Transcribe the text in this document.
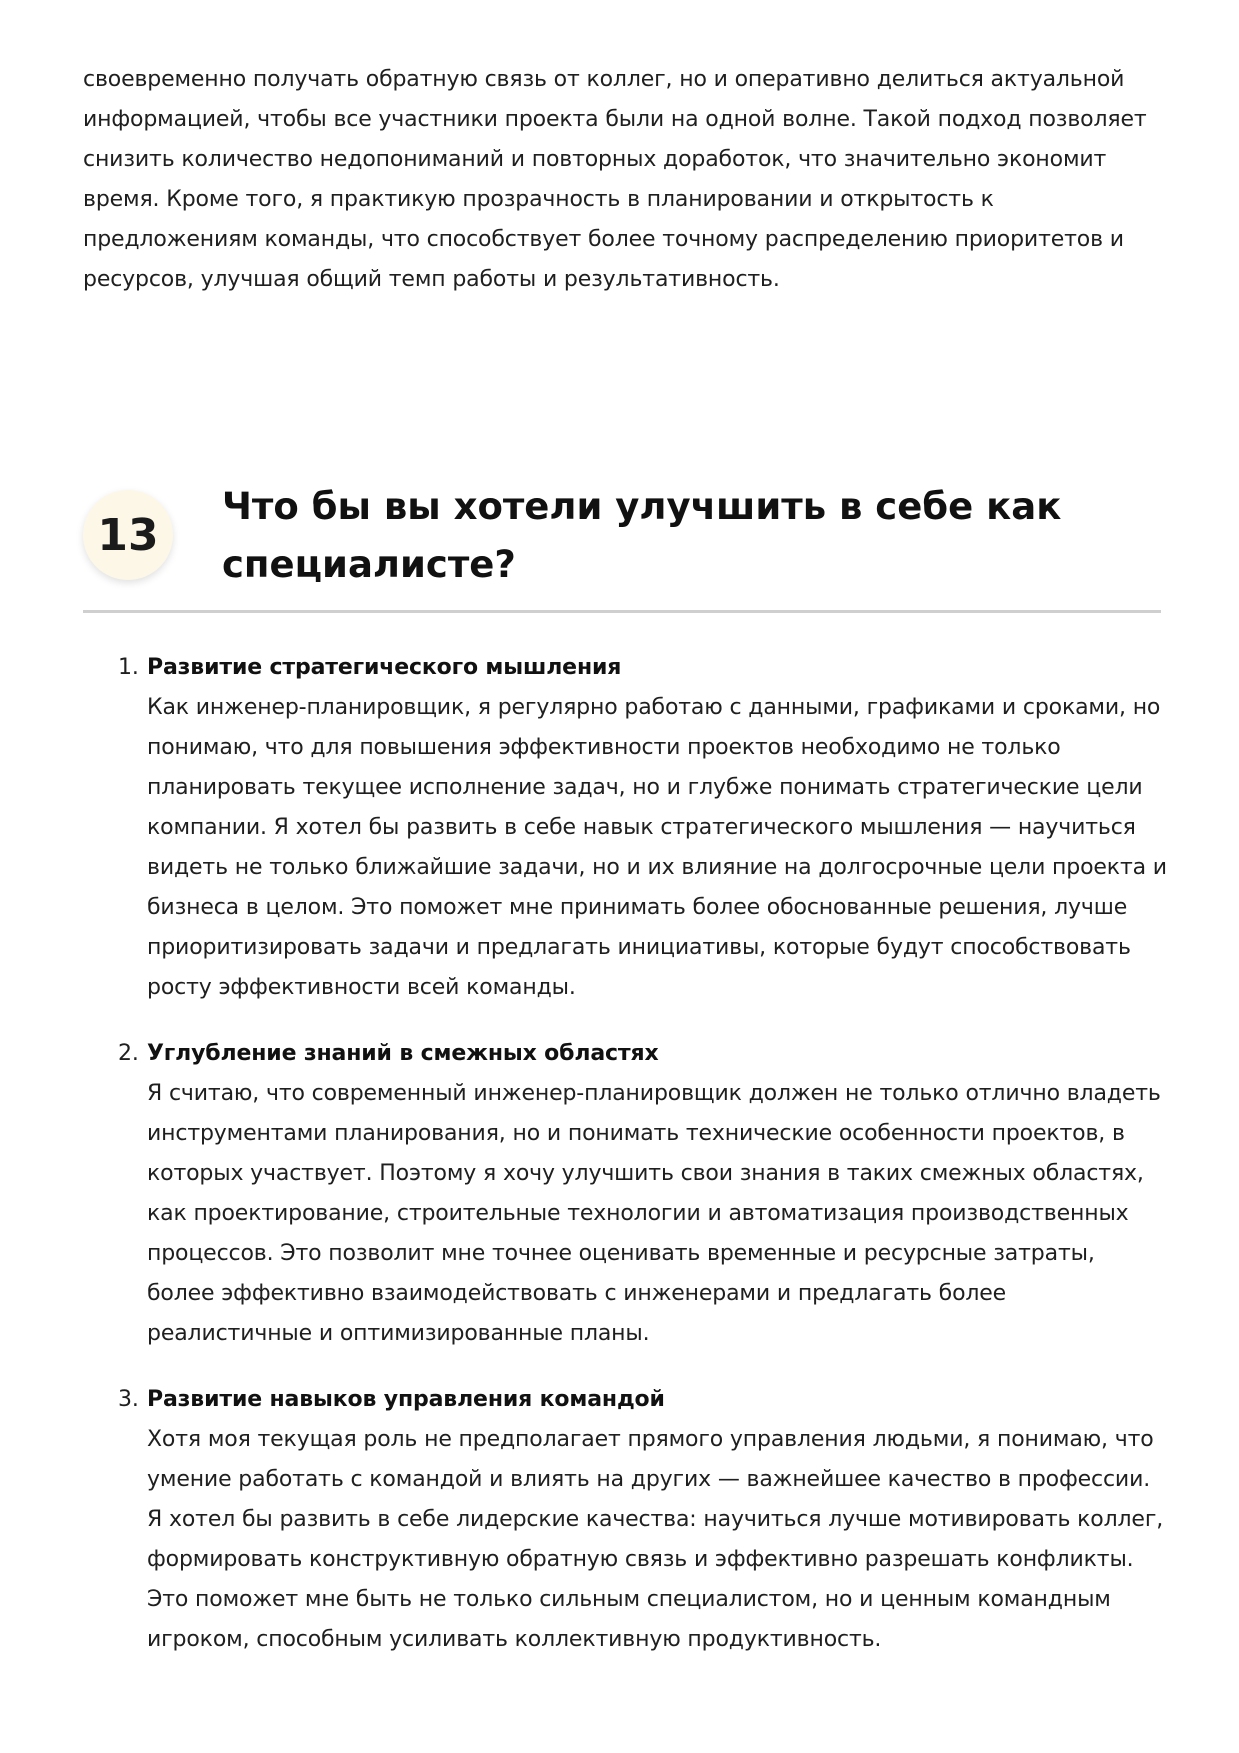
своевременно получать обратную связь от коллег, но и оперативно делиться актуальной информацией, чтобы все участники проекта были на одной волне. Такой подход позволяет снизить количество недопониманий и повторных доработок, что значительно экономит время. Кроме того, я практикую прозрачность в планировании и открытость к предложениям команды, что способствует более точному распределению приоритетов и ресурсов, улучшая общий темп работы и результативность.

13
Что бы вы хотели улучшить в себе как специалисте?
1. Развитие стратегического мышления
Как инженер-планировщик, я регулярно работаю с данными, графиками и сроками, но понимаю, что для повышения эффективности проектов необходимо не только планировать текущее исполнение задач, но и глубже понимать стратегические цели компании. Я хотел бы развить в себе навык стратегического мышления — научиться видеть не только ближайшие задачи, но и их влияние на долгосрочные цели проекта и бизнеса в целом. Это поможет мне принимать более обоснованные решения, лучше приоритизировать задачи и предлагать инициативы, которые будут способствовать росту эффективности всей команды.
2. Углубление знаний в смежных областях
Я считаю, что современный инженер-планировщик должен не только отлично владеть инструментами планирования, но и понимать технические особенности проектов, в которых участвует. Поэтому я хочу улучшить свои знания в таких смежных областях, как проектирование, строительные технологии и автоматизация производственных процессов. Это позволит мне точнее оценивать временные и ресурсные затраты, более эффективно взаимодействовать с инженерами и предлагать более реалистичные и оптимизированные планы.
3. Развитие навыков управления командой
Хотя моя текущая роль не предполагает прямого управления людьми, я понимаю, что умение работать с командой и влиять на других — важнейшее качество в профессии. Я хотел бы развить в себе лидерские качества: научиться лучше мотивировать коллег, формировать конструктивную обратную связь и эффективно разрешать конфликты. Это поможет мне быть не только сильным специалистом, но и ценным командным игроком, способным усиливать коллективную продуктивность.
